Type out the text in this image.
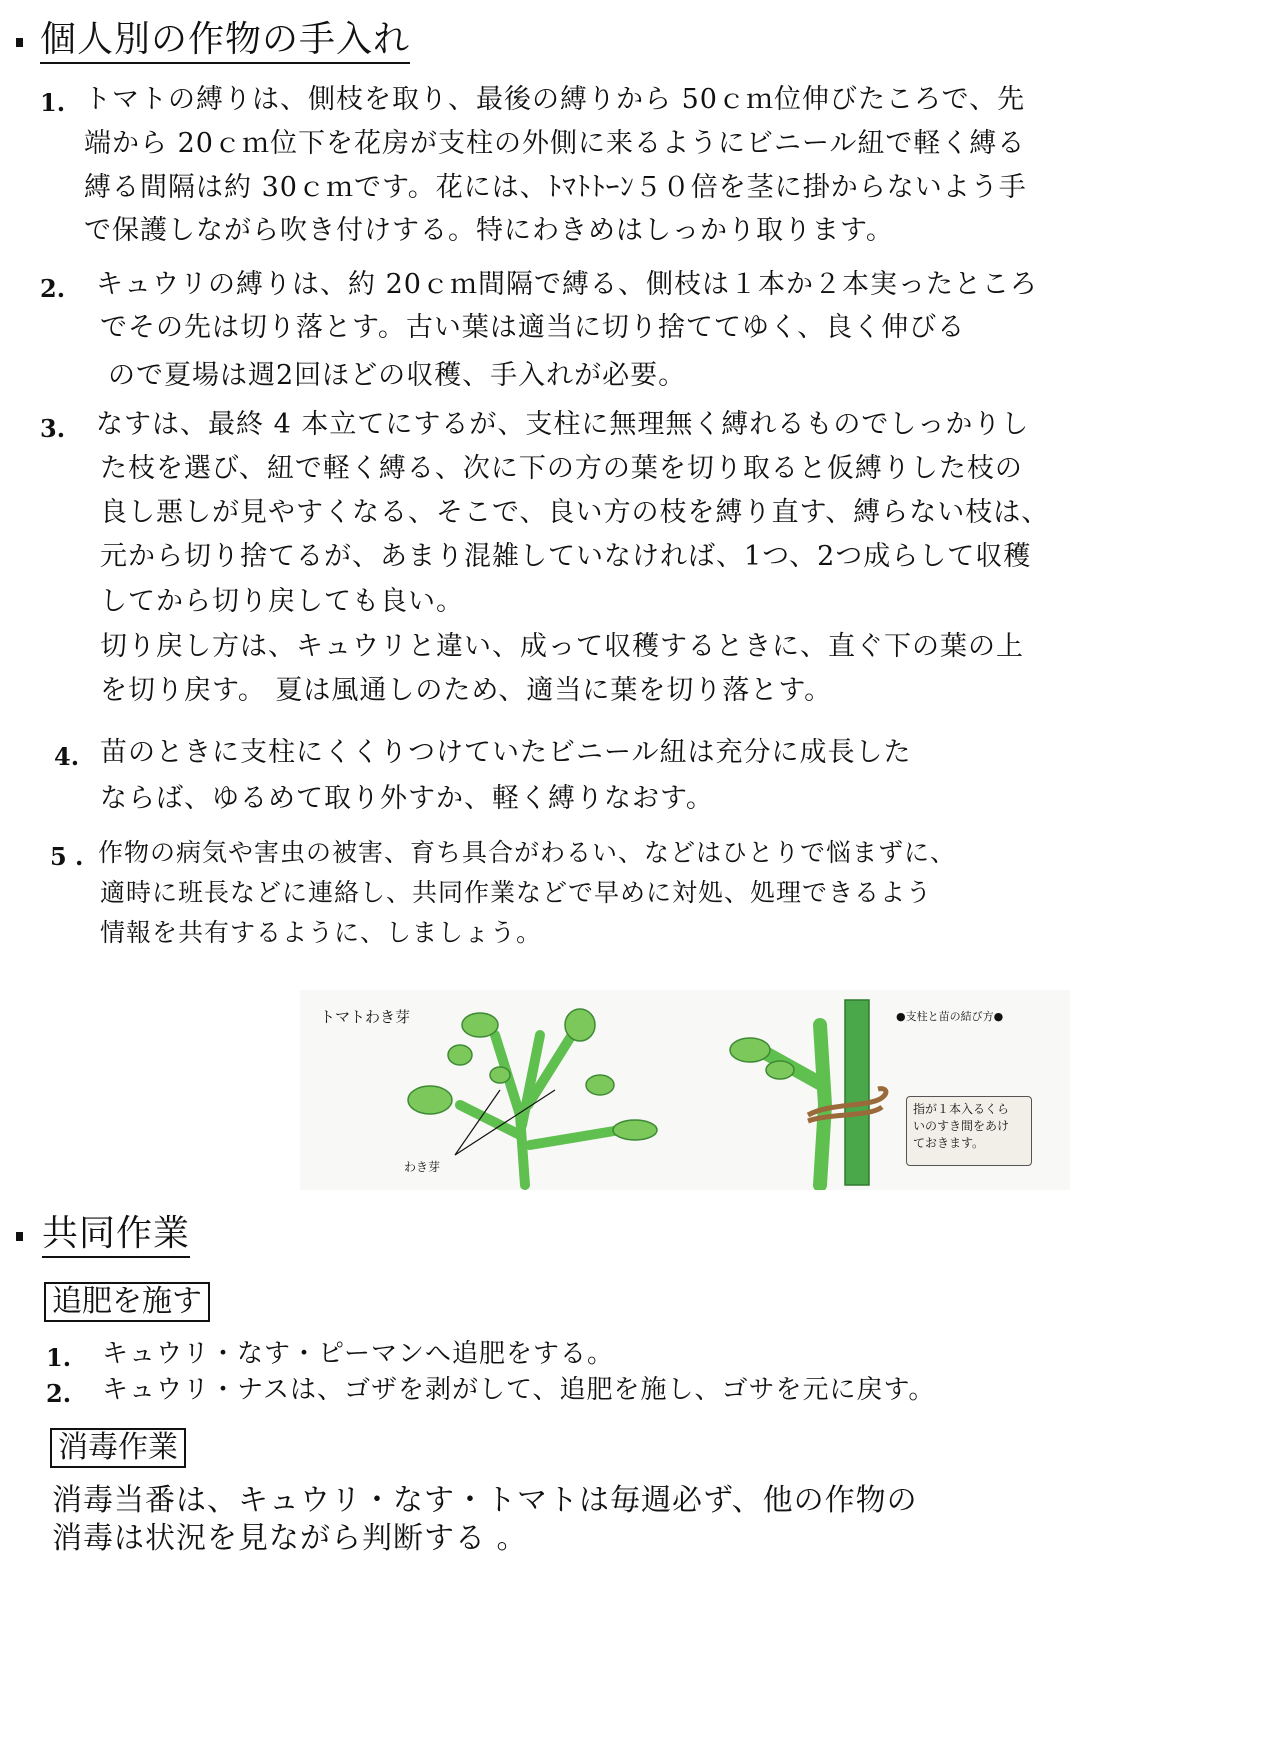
個人別の作物の手入れ
1. トマトの縛りは、側枝を取り、最後の縛りから 50ｃｍ位伸びたころで、先
端から 20ｃｍ位下を花房が支柱の外側に来るようにビニール紐で軽く縛る
縛る間隔は約 30ｃｍです。花には、ﾄﾏﾄﾄｰﾝ５０倍を茎に掛からないよう手
で保護しながら吹き付けする。特にわきめはしっかり取ります。
2. キュウリの縛りは、約 20ｃｍ間隔で縛る、側枝は１本か２本実ったところ
でその先は切り落とす。古い葉は適当に切り捨ててゆく、良く伸びる
ので夏場は週2回ほどの収穫、手入れが必要。
3. なすは、最終 4 本立てにするが、支柱に無理無く縛れるものでしっかりし
た枝を選び、紐で軽く縛る、次に下の方の葉を切り取ると仮縛りした枝の
良し悪しが見やすくなる、そこで、良い方の枝を縛り直す、縛らない枝は、
元から切り捨てるが、あまり混雑していなければ、1つ、2つ成らして収穫
してから切り戻しても良い。
切り戻し方は、キュウリと違い、成って収穫するときに、直ぐ下の葉の上
を切り戻す。 夏は風通しのため、適当に葉を切り落とす。
4. 苗のときに支柱にくくりつけていたビニール紐は充分に成長した
ならば、ゆるめて取り外すか、軽く縛りなおす。
5 . 作物の病気や害虫の被害、育ち具合がわるい、などはひとりで悩まずに、
適時に班長などに連絡し、共同作業などで早めに対処、処理できるよう
情報を共有するように、しましょう。
トマトわき芽
わき芽
●支柱と苗の結び方●
指が１本入るくら
いのすき間をあけ
ておきます。
共同作業
追肥を施す
1. キュウリ・なす・ピーマンへ追肥をする。
2. キュウリ・ナスは、ゴザを剥がして、追肥を施し、ゴサを元に戻す。
消毒作業
消毒当番は、キュウリ・なす・トマトは毎週必ず、他の作物の
消毒は状況を見ながら判断する 。
